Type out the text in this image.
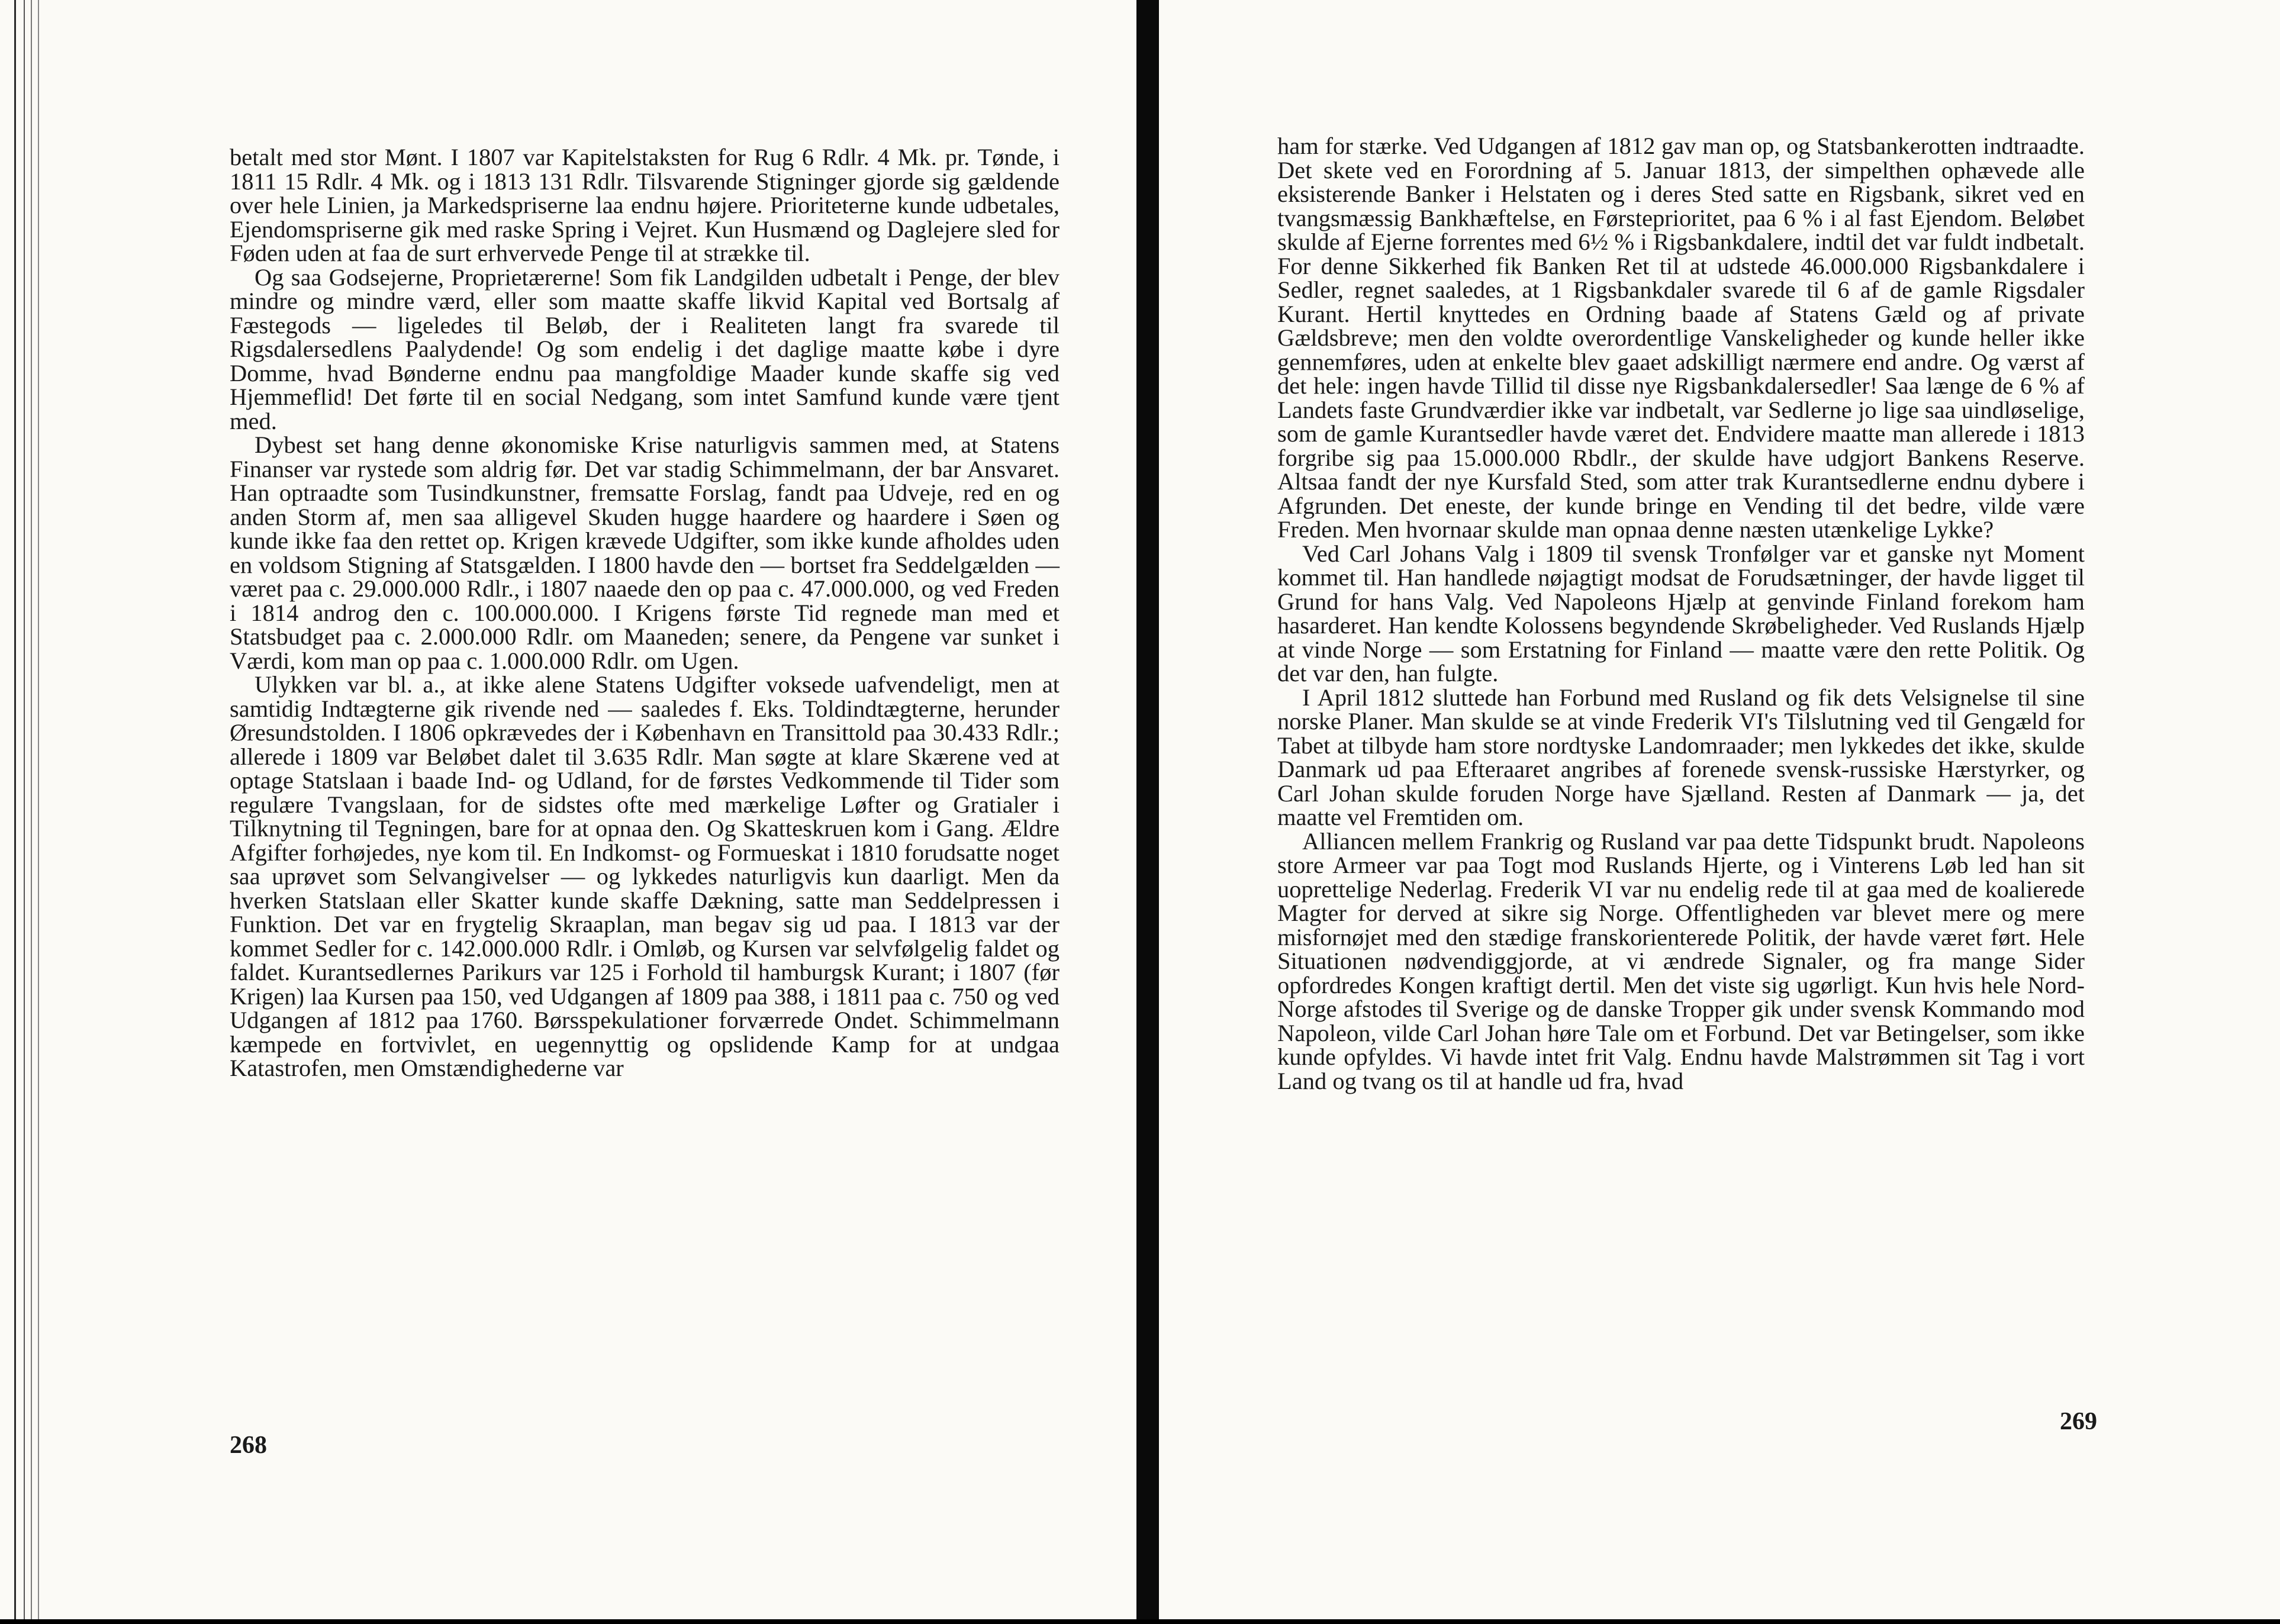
betalt med stor Mønt. I 1807 var Kapitelstaksten for Rug 6 Rdlr. 4 Mk. pr. Tønde, i 1811 15 Rdlr. 4 Mk. og i 1813 131 Rdlr. Tilsvarende Stigninger gjorde sig gældende over hele Linien, ja Markedspriserne laa endnu højere. Prioriteterne kunde udbetales, Ejendomspriserne gik med raske Spring i Vejret. Kun Husmænd og Daglejere sled for Føden uden at faa de surt erhvervede Penge til at strække til.

Og saa Godsejerne, Proprietærerne! Som fik Landgilden udbetalt i Penge, der blev mindre og mindre værd, eller som maatte skaffe likvid Kapital ved Bortsalg af Fæstegods — ligeledes til Beløb, der i Realiteten langt fra svarede til Rigsdalersedlens Paalydende! Og som endelig i det daglige maatte købe i dyre Domme, hvad Bønderne endnu paa mangfoldige Maader kunde skaffe sig ved Hjemmeflid! Det førte til en social Nedgang, som intet Samfund kunde være tjent med.

Dybest set hang denne økonomiske Krise naturligvis sammen med, at Statens Finanser var rystede som aldrig før. Det var stadig Schimmelmann, der bar Ansvaret. Han optraadte som Tusindkunstner, fremsatte Forslag, fandt paa Udveje, red en og anden Storm af, men saa alligevel Skuden hugge haardere og haardere i Søen og kunde ikke faa den rettet op. Krigen krævede Udgifter, som ikke kunde afholdes uden en voldsom Stigning af Statsgælden. I 1800 havde den — bortset fra Seddelgælden — været paa c. 29.000.000 Rdlr., i 1807 naaede den op paa c. 47.000.000, og ved Freden i 1814 androg den c. 100.000.000. I Krigens første Tid regnede man med et Statsbudget paa c. 2.000.000 Rdlr. om Maaneden; senere, da Pengene var sunket i Værdi, kom man op paa c. 1.000.000 Rdlr. om Ugen.

Ulykken var bl. a., at ikke alene Statens Udgifter voksede uafvendeligt, men at samtidig Indtægterne gik rivende ned — saaledes f. Eks. Toldindtægterne, herunder Øresundstolden. I 1806 opkrævedes der i København en Transittold paa 30.433 Rdlr.; allerede i 1809 var Beløbet dalet til 3.635 Rdlr. Man søgte at klare Skærene ved at optage Statslaan i baade Ind- og Udland, for de førstes Vedkommende til Tider som regulære Tvangslaan, for de sidstes ofte med mærkelige Løfter og Gratialer i Tilknytning til Tegningen, bare for at opnaa den. Og Skatteskruen kom i Gang. Ældre Afgifter forhøjedes, nye kom til. En Indkomst- og Formueskat i 1810 forudsatte noget saa uprøvet som Selvangivelser — og lykkedes naturligvis kun daarligt. Men da hverken Statslaan eller Skatter kunde skaffe Dækning, satte man Seddelpressen i Funktion. Det var en frygtelig Skraaplan, man begav sig ud paa. I 1813 var der kommet Sedler for c. 142.000.000 Rdlr. i Omløb, og Kursen var selvfølgelig faldet og faldet. Kurantsedlernes Parikurs var 125 i Forhold til hamburgsk Kurant; i 1807 (før Krigen) laa Kursen paa 150, ved Udgangen af 1809 paa 388, i 1811 paa c. 750 og ved Udgangen af 1812 paa 1760. Børsspekulationer forværrede Ondet. Schimmelmann kæmpede en fortvivlet, en uegennyttig og opslidende Kamp for at undgaa Katastrofen, men Omstændighederne var

268

ham for stærke. Ved Udgangen af 1812 gav man op, og Statsbankerotten indtraadte. Det skete ved en Forordning af 5. Januar 1813, der simpelthen ophævede alle eksisterende Banker i Helstaten og i deres Sted satte en Rigsbank, sikret ved en tvangsmæssig Bankhæftelse, en Førsteprioritet, paa 6 % i al fast Ejendom. Beløbet skulde af Ejerne forrentes med 6½ % i Rigsbankdalere, indtil det var fuldt indbetalt. For denne Sikkerhed fik Banken Ret til at udstede 46.000.000 Rigsbankdalere i Sedler, regnet saaledes, at 1 Rigsbankdaler svarede til 6 af de gamle Rigsdaler Kurant. Hertil knyttedes en Ordning baade af Statens Gæld og af private Gældsbreve; men den voldte overordentlige Vanskeligheder og kunde heller ikke gennemføres, uden at enkelte blev gaaet adskilligt nærmere end andre. Og værst af det hele: ingen havde Tillid til disse nye Rigsbankdalersedler! Saa længe de 6 % af Landets faste Grundværdier ikke var indbetalt, var Sedlerne jo lige saa uindløselige, som de gamle Kurantsedler havde været det. Endvidere maatte man allerede i 1813 forgribe sig paa 15.000.000 Rbdlr., der skulde have udgjort Bankens Reserve. Altsaa fandt der nye Kursfald Sted, som atter trak Kurantsedlerne endnu dybere i Afgrunden. Det eneste, der kunde bringe en Vending til det bedre, vilde være Freden. Men hvornaar skulde man opnaa denne næsten utænkelige Lykke?

Ved Carl Johans Valg i 1809 til svensk Tronfølger var et ganske nyt Moment kommet til. Han handlede nøjagtigt modsat de Forudsætninger, der havde ligget til Grund for hans Valg. Ved Napoleons Hjælp at genvinde Finland forekom ham hasarderet. Han kendte Kolossens begyndende Skrøbeligheder. Ved Ruslands Hjælp at vinde Norge — som Erstatning for Finland — maatte være den rette Politik. Og det var den, han fulgte.

I April 1812 sluttede han Forbund med Rusland og fik dets Velsignelse til sine norske Planer. Man skulde se at vinde Frederik VI's Tilslutning ved til Gengæld for Tabet at tilbyde ham store nordtyske Landomraader; men lykkedes det ikke, skulde Danmark ud paa Efteraaret angribes af forenede svensk-russiske Hærstyrker, og Carl Johan skulde foruden Norge have Sjælland. Resten af Danmark — ja, det maatte vel Fremtiden om.

Alliancen mellem Frankrig og Rusland var paa dette Tidspunkt brudt. Napoleons store Armeer var paa Togt mod Ruslands Hjerte, og i Vinterens Løb led han sit uoprettelige Nederlag. Frederik VI var nu endelig rede til at gaa med de koalierede Magter for derved at sikre sig Norge. Offentligheden var blevet mere og mere misfornøjet med den stædige franskorienterede Politik, der havde været ført. Hele Situationen nødvendiggjorde, at vi ændrede Signaler, og fra mange Sider opfordredes Kongen kraftigt dertil. Men det viste sig ugørligt. Kun hvis hele Nord-Norge afstodes til Sverige og de danske Tropper gik under svensk Kommando mod Napoleon, vilde Carl Johan høre Tale om et Forbund. Det var Betingelser, som ikke kunde opfyldes. Vi havde intet frit Valg. Endnu havde Malstrømmen sit Tag i vort Land og tvang os til at handle ud fra, hvad

269
